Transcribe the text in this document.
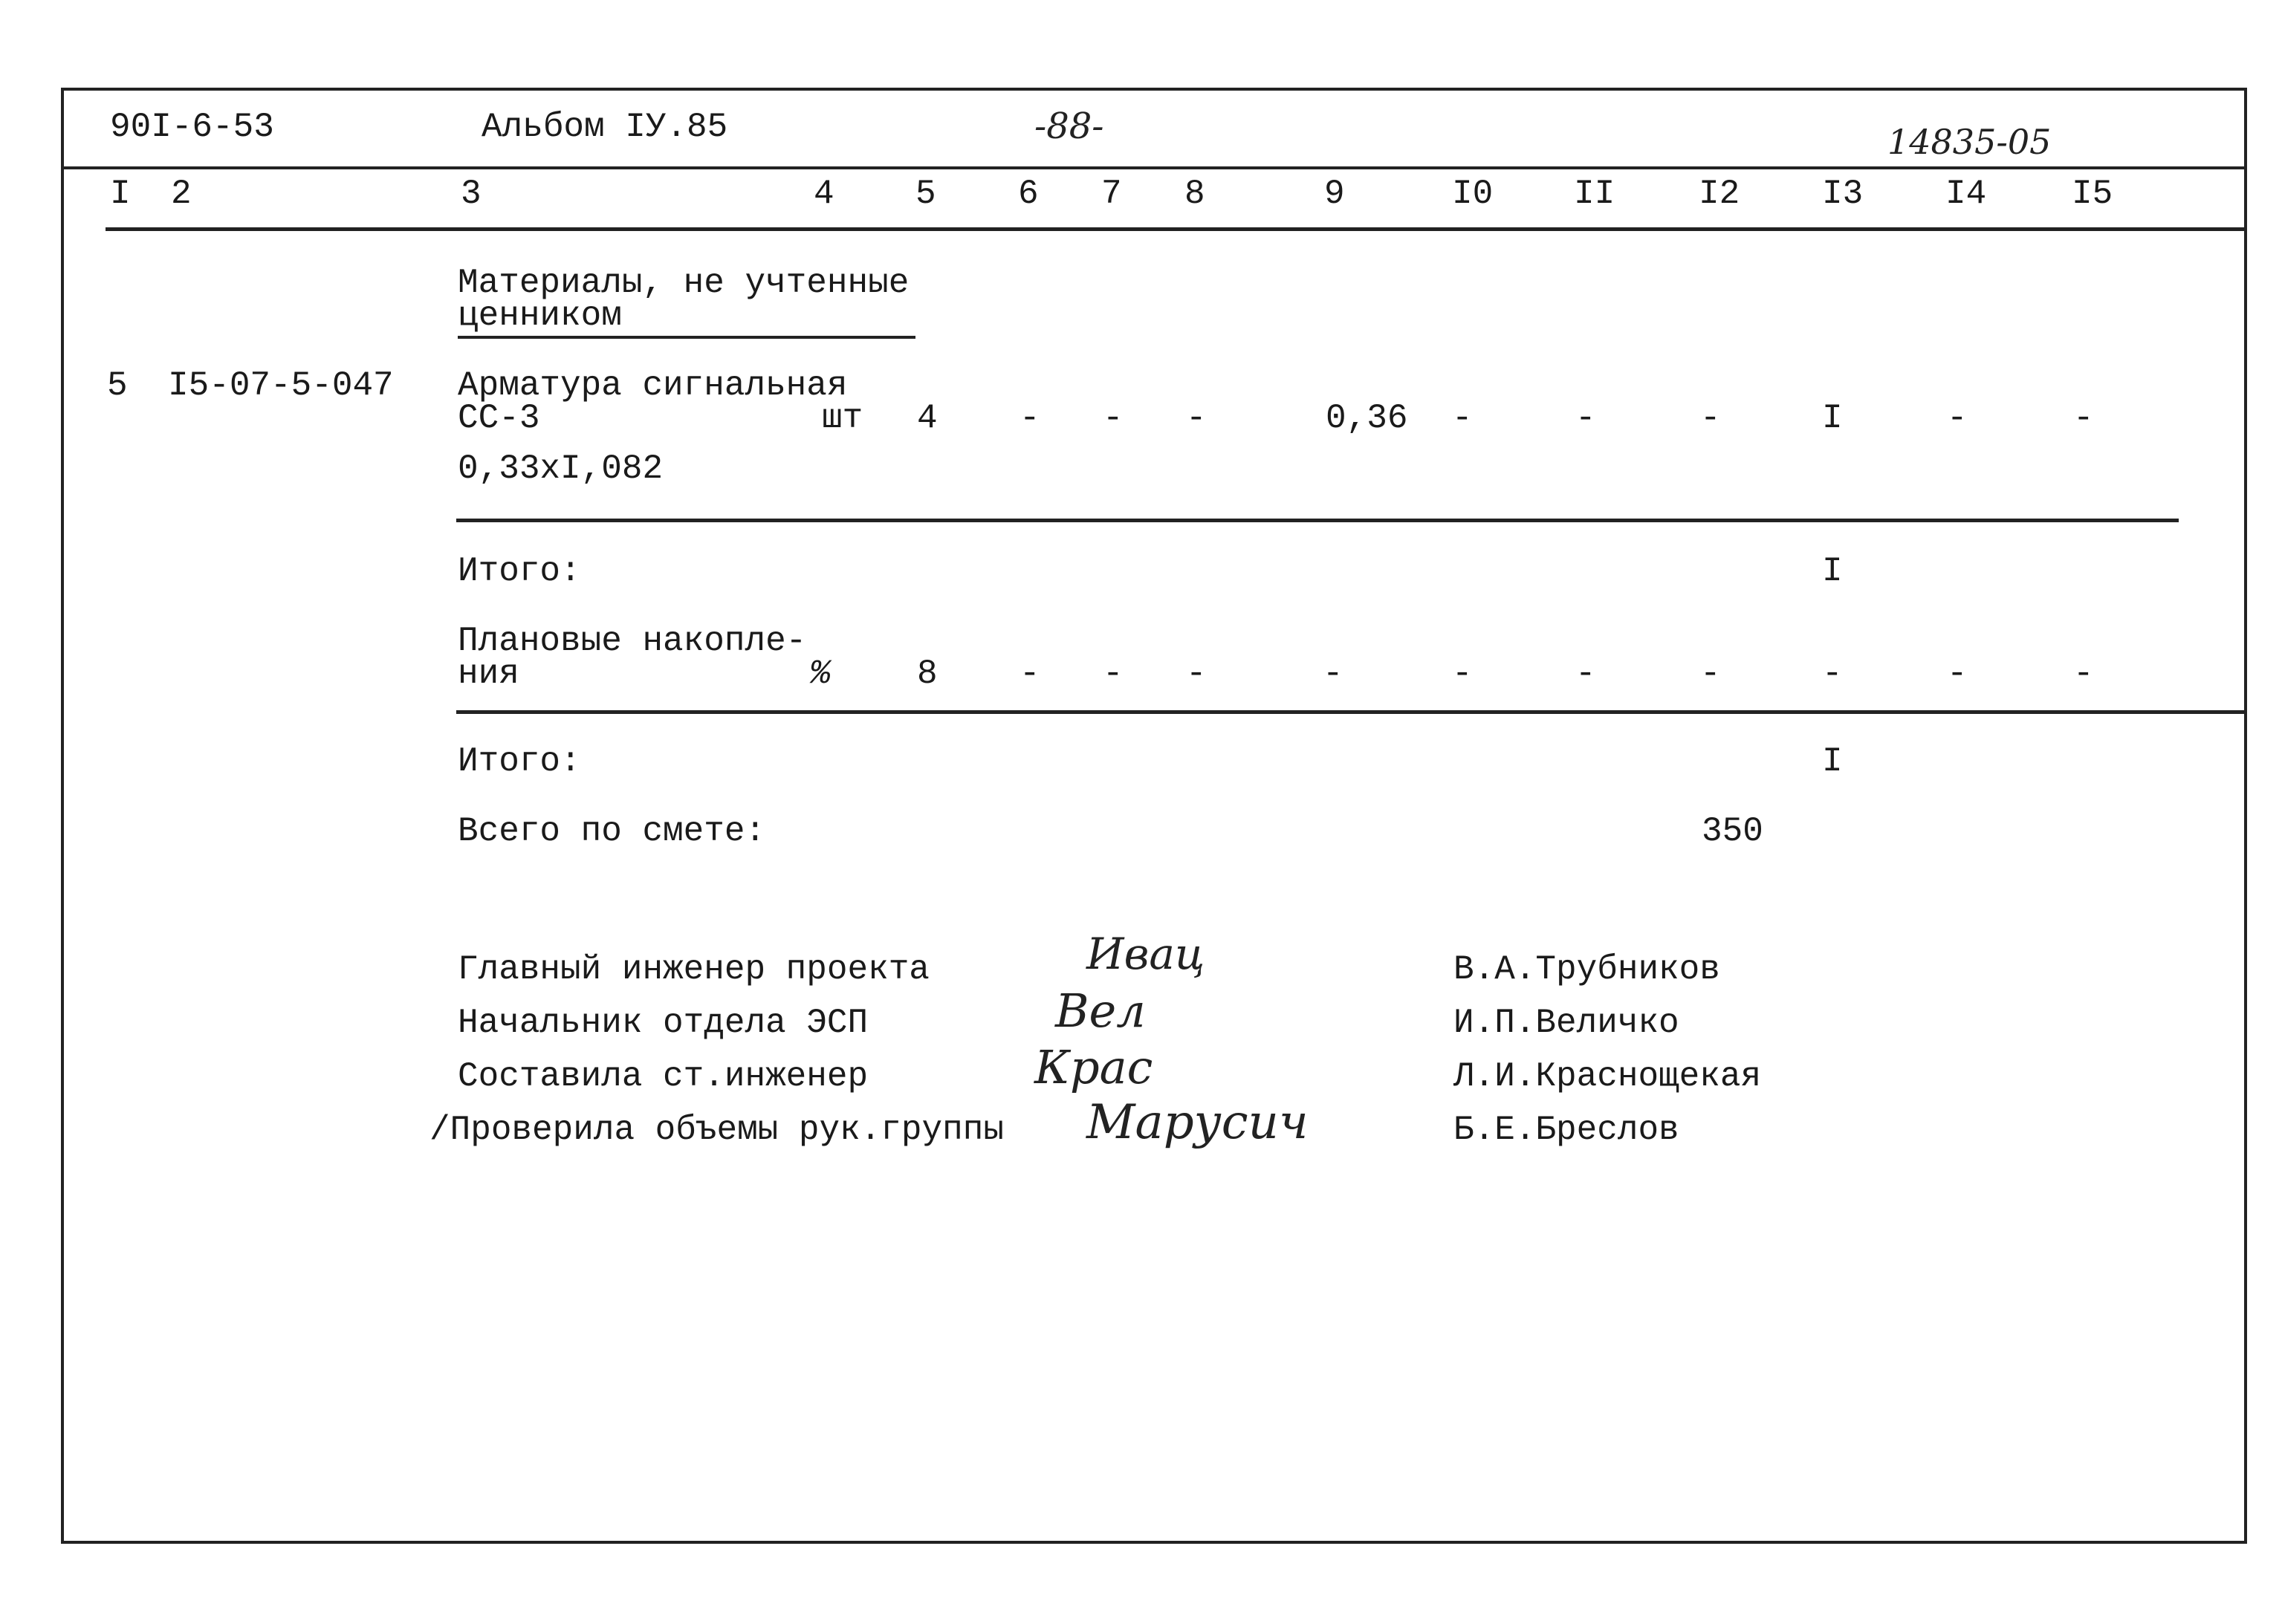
90I-6-53	Альбом IУ.85	-88-	14835-05
I 2	3	4 5 6 7 8	9	I0 II I2 I3 I4 I5
Материалы, не учтенные
ценником
5 I5-07-5-047 Арматура сигнальная
СС-3
0,33хI,082
шт 4 - - -	0,36 -	-	-	I	-	-
Итого:	I
Плановые накопле-
ния	%	8 - - -	-	-	-	-	-	-	-
Итого:	I
Всего по смете:	350
Главный инженер проекта	Ивац	В.А.Трубников
Начальник отдела ЭСП	Вел	И.П.Величко
Составила ст.инженер	Крас	Л.И.Краснощекая
/Проверила объемы рук.группы Марусич	Б.Е.Бреслов
